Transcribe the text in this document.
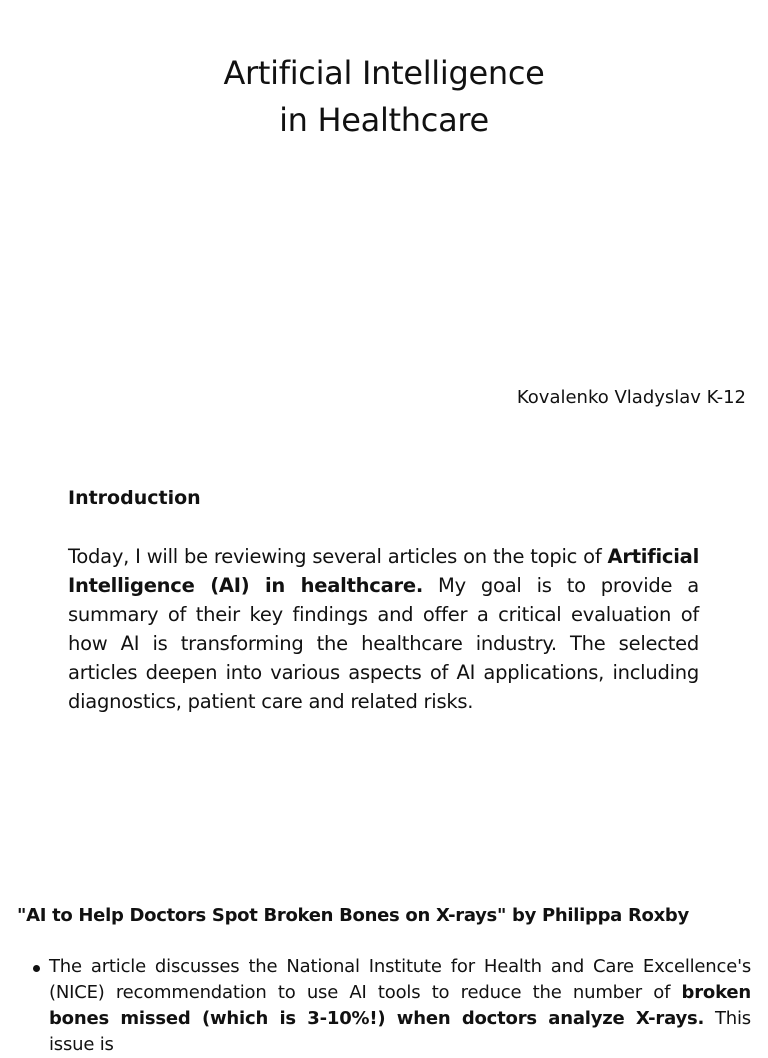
Artificial Intelligence
in Healthcare
Kovalenko Vladyslav K-12

Introduction

Today, I will be reviewing several articles on the topic of Artificial Intelligence (AI) in healthcare. My goal is to provide a summary of their key findings and offer a critical evaluation of how AI is transforming the healthcare industry. The selected articles deepen into various aspects of AI applications, including diagnostics, patient care and related risks.

"AI to Help Doctors Spot Broken Bones on X-rays" by Philippa Roxby

The article discusses the National Institute for Health and Care Excellence's (NICE) recommendation to use AI tools to reduce the number of broken bones missed (which is 3-10%!) when doctors analyze X-rays. This issue is
